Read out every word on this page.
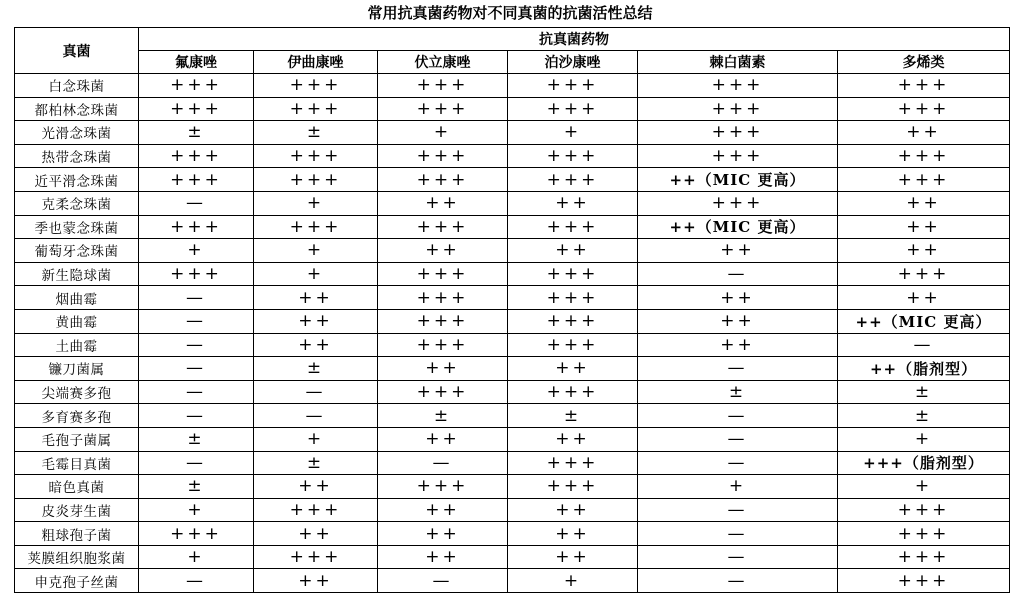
常用抗真菌药物对不同真菌的抗菌活性总结
真菌	抗真菌药物					
	氟康唑	伊曲康唑	伏立康唑	泊沙康唑	棘白菌素	多烯类
白念珠菌	+++	+++	+++	+++	+++	+++
都柏林念珠菌	+++	+++	+++	+++	+++	+++
光滑念珠菌	±	±	+	+	+++	++
热带念珠菌	+++	+++	+++	+++	+++	+++
近平滑念珠菌	+++	+++	+++	+++	++（MIC 更高）	+++
克柔念珠菌	—	+	++	++	+++	++
季也蒙念珠菌	+++	+++	+++	+++	++（MIC 更高）	++
葡萄牙念珠菌	+	+	++	++	++	++
新生隐球菌	+++	+	+++	+++	—	+++
烟曲霉	—	++	+++	+++	++	++
黄曲霉	—	++	+++	+++	++	++（MIC 更高）
土曲霉	—	++	+++	+++	++	—
镰刀菌属	—	±	++	++	—	++（脂剂型）
尖端赛多孢	—	—	+++	+++	±	±
多育赛多孢	—	—	±	±	—	±
毛孢子菌属	±	+	++	++	—	+
毛霉目真菌	—	±	—	+++	—	+++（脂剂型）
暗色真菌	±	++	+++	+++	+	+
皮炎芽生菌	+	+++	++	++	—	+++
粗球孢子菌	+++	++	++	++	—	+++
荚膜组织胞浆菌	+	+++	++	++	—	+++
申克孢子丝菌	—	++	—	+	—	+++
